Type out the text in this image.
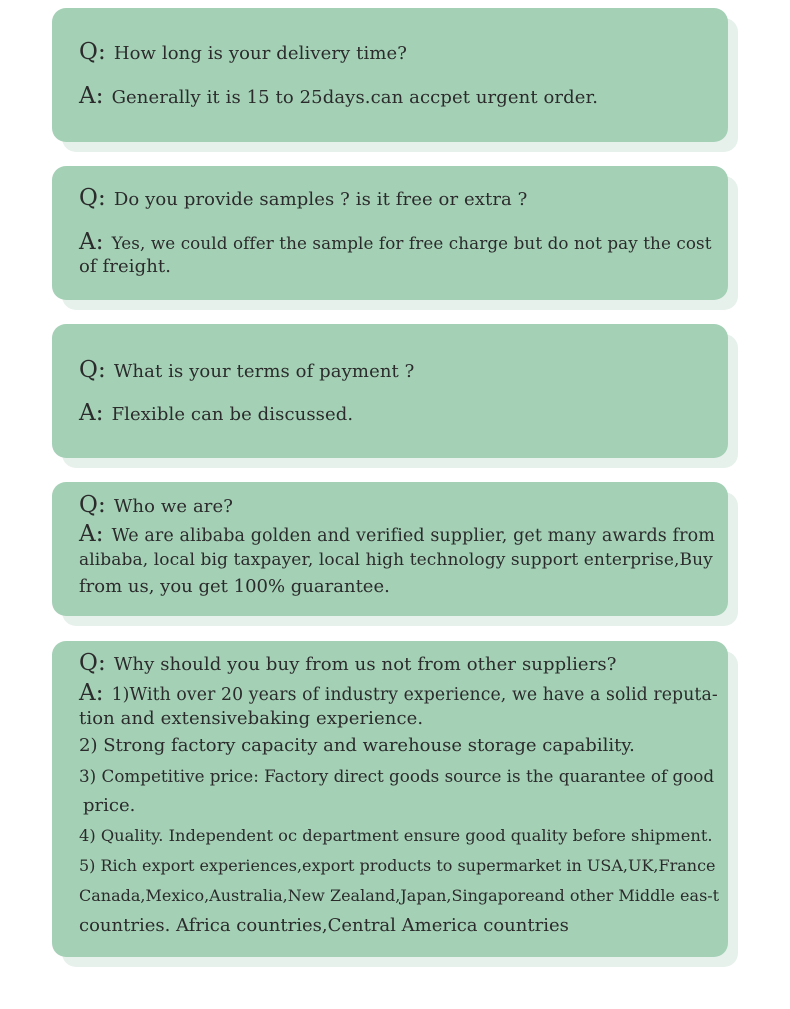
Q: How long is your delivery time?

A: Generally it is 15 to 25days.can accpet urgent order.

Q: Do you provide samples ? is it free or extra ?

A: Yes, we could offer the sample for free charge but do not pay the cost

of freight.

Q: What is your terms of payment ?

A: Flexible can be discussed.

Q: Who we are?

A: We are alibaba golden and verified supplier, get many awards from

alibaba, local big taxpayer, local high technology support enterprise,Buy

from us, you get 100% guarantee.

Q: Why should you buy from us not from other suppliers?

A: 1)With over 20 years of industry experience, we have a solid reputa-

tion and extensivebaking experience.

2) Strong factory capacity and warehouse storage capability.

3) Competitive price: Factory direct goods source is the quarantee of good

price.

4) Quality. Independent oc department ensure good quality before shipment.

5) Rich export experiences,export products to supermarket in USA,UK,France

Canada,Mexico,Australia,New Zealand,Japan,Singaporeand other Middle eas-t

countries. Africa countries,Central America countries
